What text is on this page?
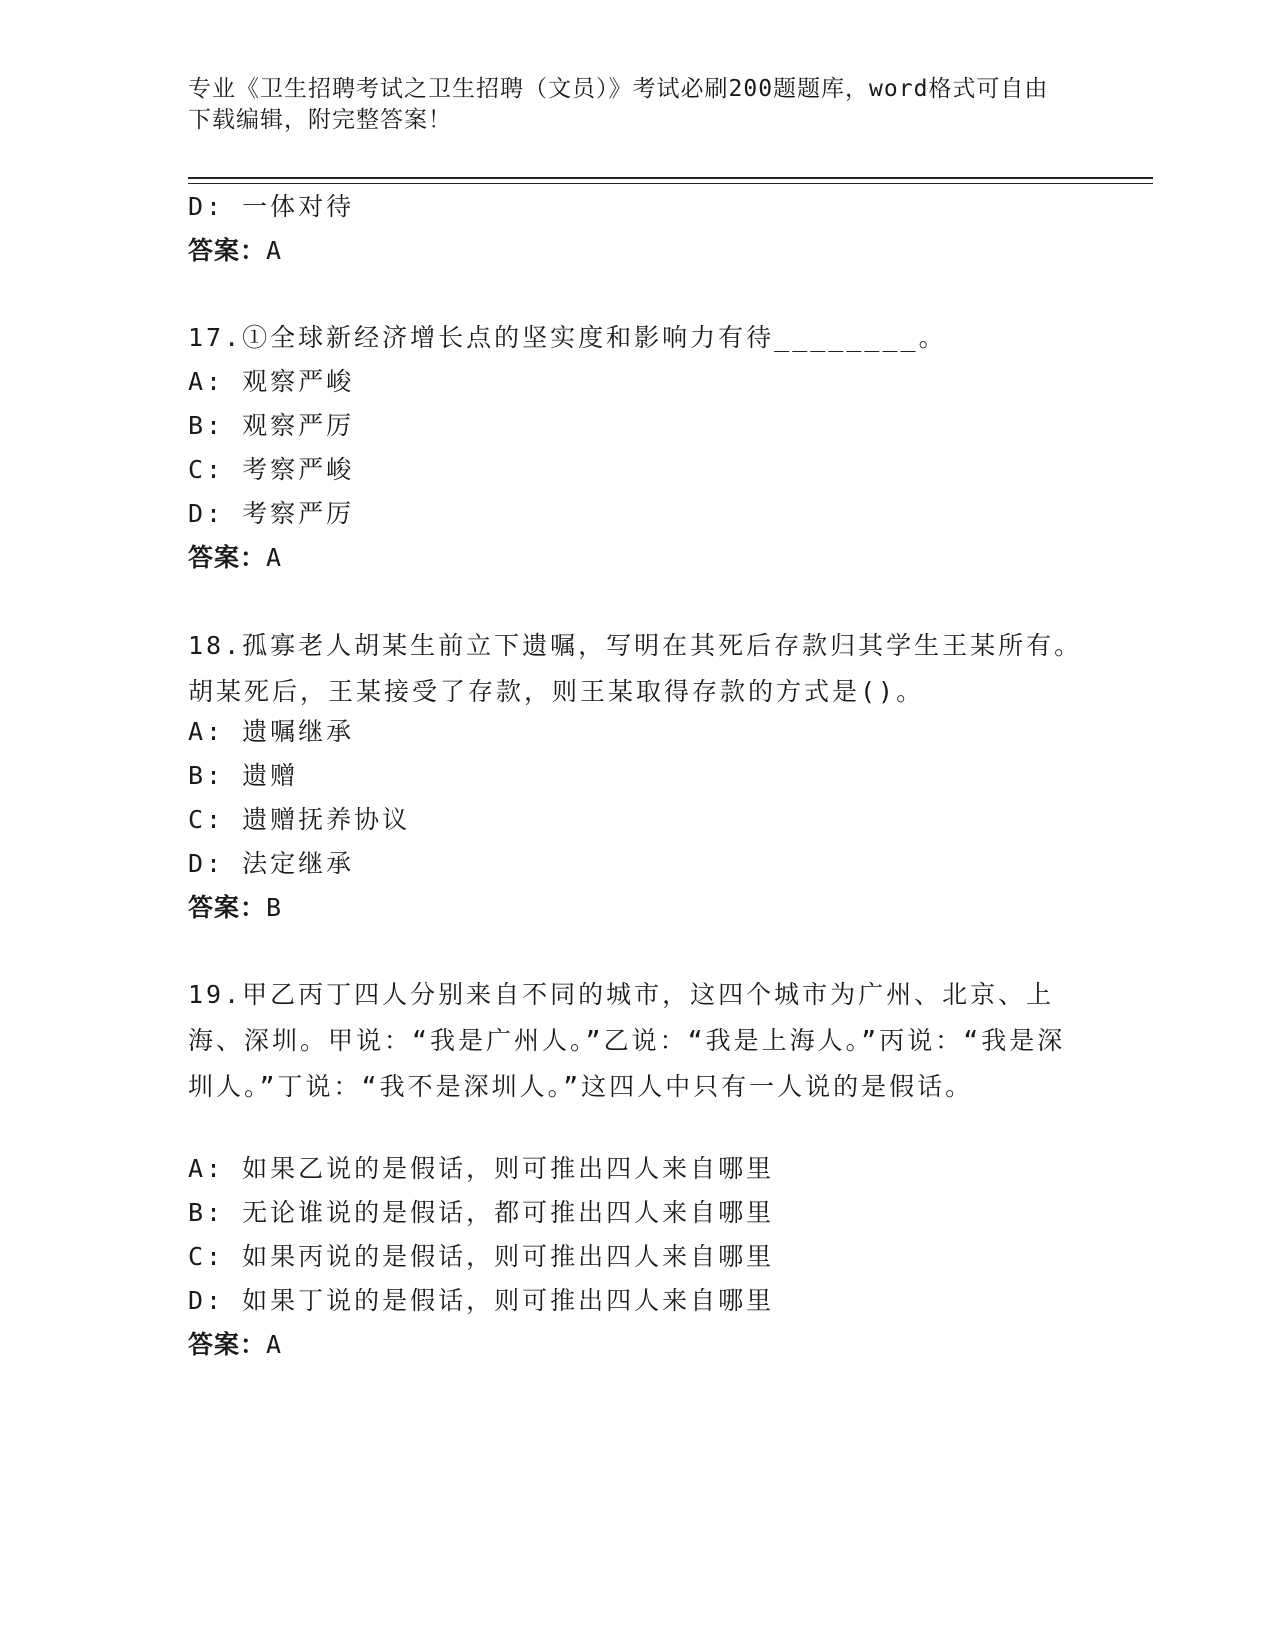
专业《卫生招聘考试之卫生招聘（文员）》考试必刷200题题库，word格式可自由下载编辑，附完整答案！
D: 一体对待
答案：A
17.①全球新经济增长点的坚实度和影响力有待________。
A: 观察严峻
B: 观察严厉
C: 考察严峻
D: 考察严厉
答案：A
18.孤寡老人胡某生前立下遗嘱，写明在其死后存款归其学生王某所有。胡某死后，王某接受了存款，则王某取得存款的方式是()。
A: 遗嘱继承
B: 遗赠
C: 遗赠抚养协议
D: 法定继承
答案：B
19.甲乙丙丁四人分别来自不同的城市，这四个城市为广州、北京、上海、深圳。甲说：“我是广州人。”乙说：“我是上海人。”丙说：“我是深圳人。”丁说：“我不是深圳人。”这四人中只有一人说的是假话。
A: 如果乙说的是假话，则可推出四人来自哪里
B: 无论谁说的是假话，都可推出四人来自哪里
C: 如果丙说的是假话，则可推出四人来自哪里
D: 如果丁说的是假话，则可推出四人来自哪里
答案：A
